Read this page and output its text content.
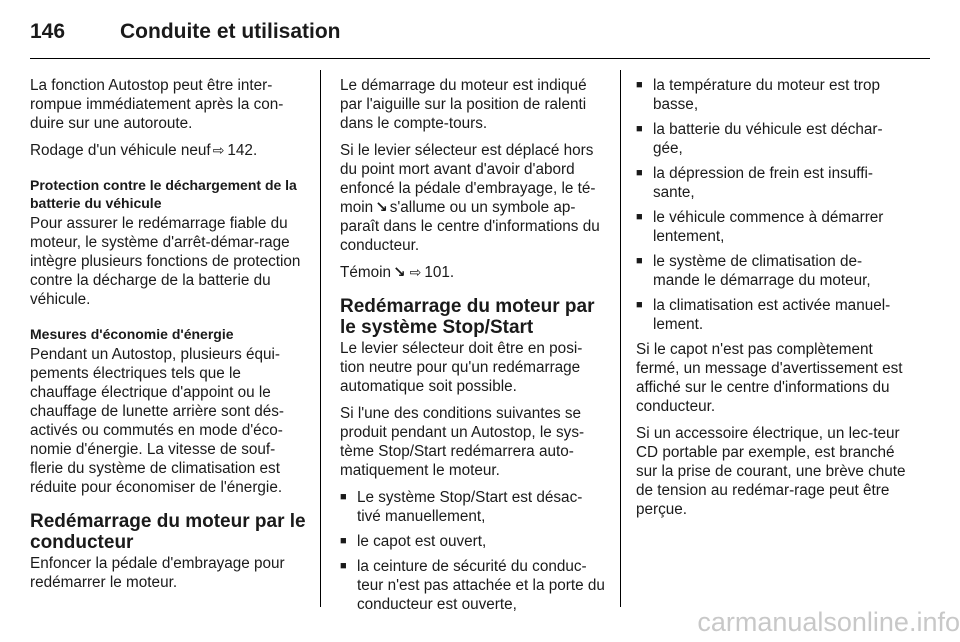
146	Conduite et utilisation

La fonction Autostop peut être inter-rompue immédiatement après la con-duire sur une autoroute.

Rodage d'un véhicule neuf ⇨ 142.

Protection contre le déchargement de la batterie du véhicule

Pour assurer le redémarrage fiable du moteur, le système d'arrêt-démar-rage intègre plusieurs fonctions de protection contre la décharge de la batterie du véhicule.

Mesures d'économie d'énergie

Pendant un Autostop, plusieurs équi-pements électriques tels que le chauffage électrique d'appoint ou le chauffage de lunette arrière sont dés-activés ou commutés en mode d'éco-nomie d'énergie. La vitesse de souf-flerie du système de climatisation est réduite pour économiser de l'énergie.

Redémarrage du moteur par le conducteur

Enfoncer la pédale d'embrayage pour redémarrer le moteur.

Le démarrage du moteur est indiqué par l'aiguille sur la position de ralenti dans le compte-tours.

Si le levier sélecteur est déplacé hors du point mort avant d'avoir d'abord enfoncé la pédale d'embrayage, le té-moin ↘ s'allume ou un symbole ap-paraît dans le centre d'informations du conducteur.

Témoin ↘ ⇨ 101.

Redémarrage du moteur par le système Stop/Start

Le levier sélecteur doit être en posi-tion neutre pour qu'un redémarrage automatique soit possible.

Si l'une des conditions suivantes se produit pendant un Autostop, le sys-tème Stop/Start redémarrera auto-matiquement le moteur.

■ Le système Stop/Start est désac-tivé manuellement,
■ le capot est ouvert,
■ la ceinture de sécurité du conduc-teur n'est pas attachée et la porte du conducteur est ouverte,
■ la température du moteur est trop basse,
■ la batterie du véhicule est déchar-gée,
■ la dépression de frein est insuffi-sante,
■ le véhicule commence à démarrer lentement,
■ le système de climatisation de-mande le démarrage du moteur,
■ la climatisation est activée manuel-lement.

Si le capot n'est pas complètement fermé, un message d'avertissement est affiché sur le centre d'informations du conducteur.

Si un accessoire électrique, un lec-teur CD portable par exemple, est branché sur la prise de courant, une brève chute de tension au redémar-rage peut être perçue.

carmanualsonline.info
